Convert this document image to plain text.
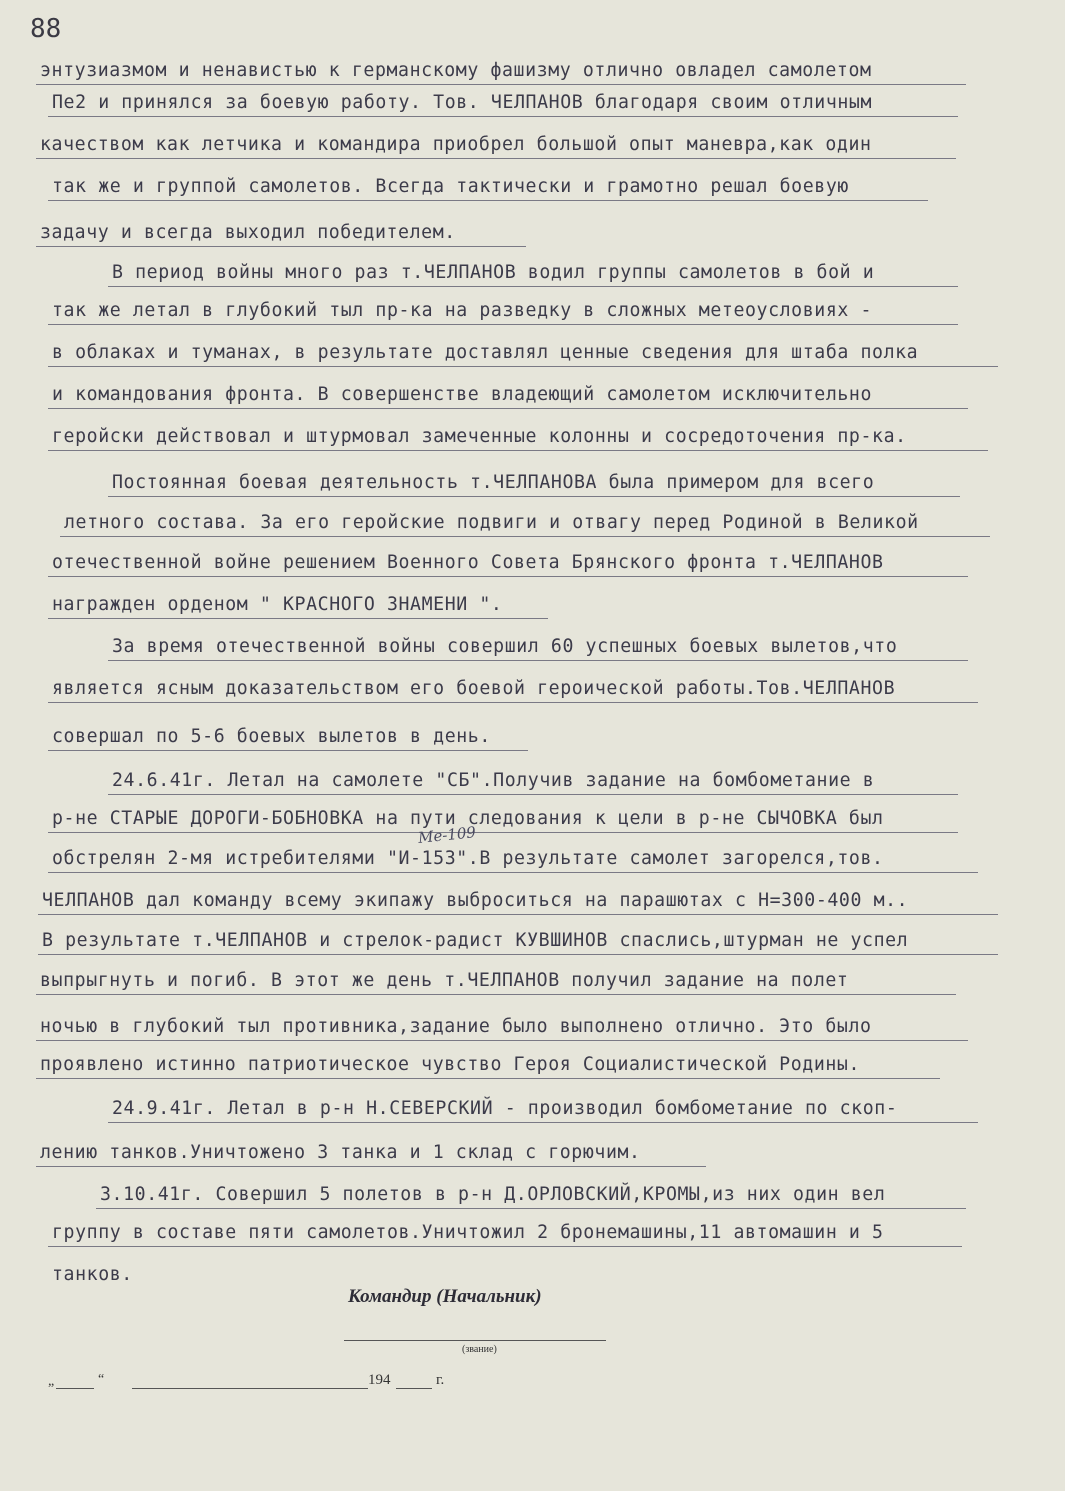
88
энтузиазмом и ненавистью к германскому фашизму отлично овладел самолетом
Пе2 и принялся за боевую работу. Тов. ЧЕЛПАНОВ благодаря своим отличным
качеством как летчика и командира приобрел большой опыт маневра,как один
так же и группой самолетов. Всегда тактически и грамотно решал боевую
задачу и всегда выходил победителем.
В период войны много раз т.ЧЕЛПАНОВ водил группы самолетов в бой и
так же летал в глубокий тыл пр-ка на разведку в сложных метеоусловиях -
в облаках и туманах, в результате доставлял ценные сведения для штаба полка
и командования фронта. В совершенстве владеющий самолетом исключительно
геройски действовал и штурмовал замеченные колонны и сосредоточения пр-ка.
Постоянная боевая деятельность т.ЧЕЛПАНОВА была примером для всего
летного состава. За его геройские подвиги и отвагу перед Родиной в Великой
отечественной войне решением Военного Совета Брянского фронта т.ЧЕЛПАНОВ
награжден орденом " КРАСНОГО ЗНАМЕНИ ".
За время отечественной войны совершил 60 успешных боевых вылетов,что
является ясным доказательством его боевой героической работы.Тов.ЧЕЛПАНОВ
совершал по 5-6 боевых вылетов в день.
24.6.41г. Летал на самолете "СБ".Получив задание на бомбометание в
р-не СТАРЫЕ ДОРОГИ-БОБНОВКА на пути следования к цели в р-не СЫЧОВКА был
обстрелян 2-мя истребителями "И-153".В результате самолет загорелся,тов.
ЧЕЛПАНОВ дал команду всему экипажу выброситься на парашютах с Н=300-400 м..
В результате т.ЧЕЛПАНОВ и стрелок-радист КУВШИНОВ спаслись,штурман не успел
выпрыгнуть и погиб. В этот же день т.ЧЕЛПАНОВ получил задание на полет
ночью в глубокий тыл противника,задание было выполнено отлично. Это было
проявлено истинно патриотическое чувство Героя Социалистической Родины.
24.9.41г. Летал в р-н Н.СЕВЕРСКИЙ - производил бомбометание по скоп-
лению танков.Уничтожено 3 танка и 1 склад с горючим.
3.10.41г. Совершил 5 полетов в р-н Д.ОРЛОВСКИЙ,КРОМЫ,из них один вел
группу в составе пяти самолетов.Уничтожил 2 бронемашины,11 автомашин и 5
танков.
Ме-109
Командир (Начальник)
(звание)
„	“	194	г.
